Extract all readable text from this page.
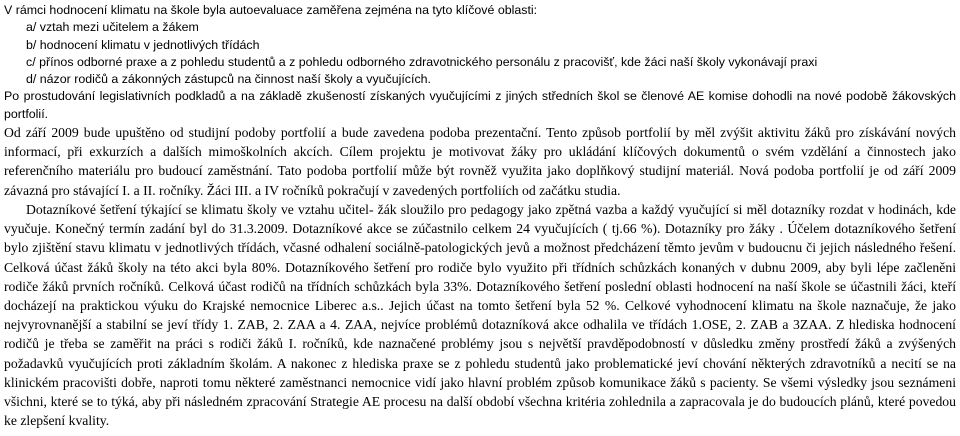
V rámci hodnocení klimatu na škole byla autoevaluace zaměřena zejména na tyto klíčové oblasti:
a/ vztah mezi učitelem a žákem
b/ hodnocení klimatu v jednotlivých třídách
c/ přínos odborné praxe a z pohledu studentů a z pohledu odborného zdravotnického personálu z pracovišť, kde žáci naší školy vykonávají praxi
d/ názor rodičů a zákonných zástupců na činnost naší školy a vyučujících.

Po prostudování legislativních podkladů a na základě zkušeností získaných vyučujícími z jiných středních škol se členové AE komise dohodli na nové podobě žákovských portfolií.

Od září 2009 bude upuštěno od studijní podoby portfolií a bude zavedena podoba prezentační. Tento způsob portfolií by měl zvýšit aktivitu žáků pro získávání nových informací, při exkurzích a dalších mimoškolních akcích. Cílem projektu je motivovat žáky pro ukládání klíčových dokumentů o svém vzdělání a činnostech jako referenčního materiálu pro budoucí zaměstnání. Tato podoba portfolií může být rovněž využita jako doplňkový studijní materiál. Nová podoba portfolií je od září 2009 závazná pro stávající I. a II. ročníky. Žáci III. a IV ročníků pokračují v zavedených portfoliích od začátku studia.

Dotazníkové šetření týkající se klimatu školy ve vztahu učitel- žák sloužilo pro pedagogy jako zpětná vazba a každý vyučující si měl dotazníky rozdat v hodinách, kde vyučuje. Konečný termín zadání byl do 31.3.2009. Dotazníkové akce se zúčastnilo celkem 24 vyučujících ( tj.66 %). Dotazníky pro žáky . Účelem dotazníkového šetření bylo zjištění stavu klimatu v jednotlivých třídách, včasné odhalení sociálně-patologických jevů a možnost předcházení těmto jevům v budoucnu či jejich následného řešení. Celková účast žáků školy na této akci byla 80%. Dotazníkového šetření pro rodiče bylo využito při třídních schůzkách konaných v dubnu 2009, aby byli lépe začleněni rodiče žáků prvních ročníků. Celková účast rodičů na třídních schůzkách byla 33%. Dotazníkového šetření poslední oblasti hodnocení na naší škole se účastnili žáci, kteří docházejí na praktickou výuku do Krajské nemocnice Liberec a.s.. Jejich účast na tomto šetření byla 52 %. Celkové vyhodnocení klimatu na škole naznačuje, že jako nejvyrovnanější a stabilní se jeví třídy 1. ZAB, 2. ZAA a 4. ZAA, nejvíce problémů dotazníková akce odhalila ve třídách 1.OSE, 2. ZAB a 3ZAA. Z hlediska hodnocení rodičů je třeba se zaměřit na práci s rodiči žáků I. ročníků, kde naznačené problémy jsou s největší pravděpodobností v důsledku změny prostředí žáků a zvýšených požadavků vyučujících proti základním školám. A nakonec z hlediska praxe se z pohledu studentů jako problematické jeví chování některých zdravotníků a necití se na klinickém pracovišti dobře, naproti tomu některé zaměstnanci nemocnice vidí jako hlavní problém způsob komunikace žáků s pacienty. Se všemi výsledky jsou seznámeni všichni, které se to týká, aby při následném zpracování Strategie AE procesu na další období všechna kritéria zohlednila a zapracovala je do budoucích plánů, které povedou ke zlepšení kvality.
